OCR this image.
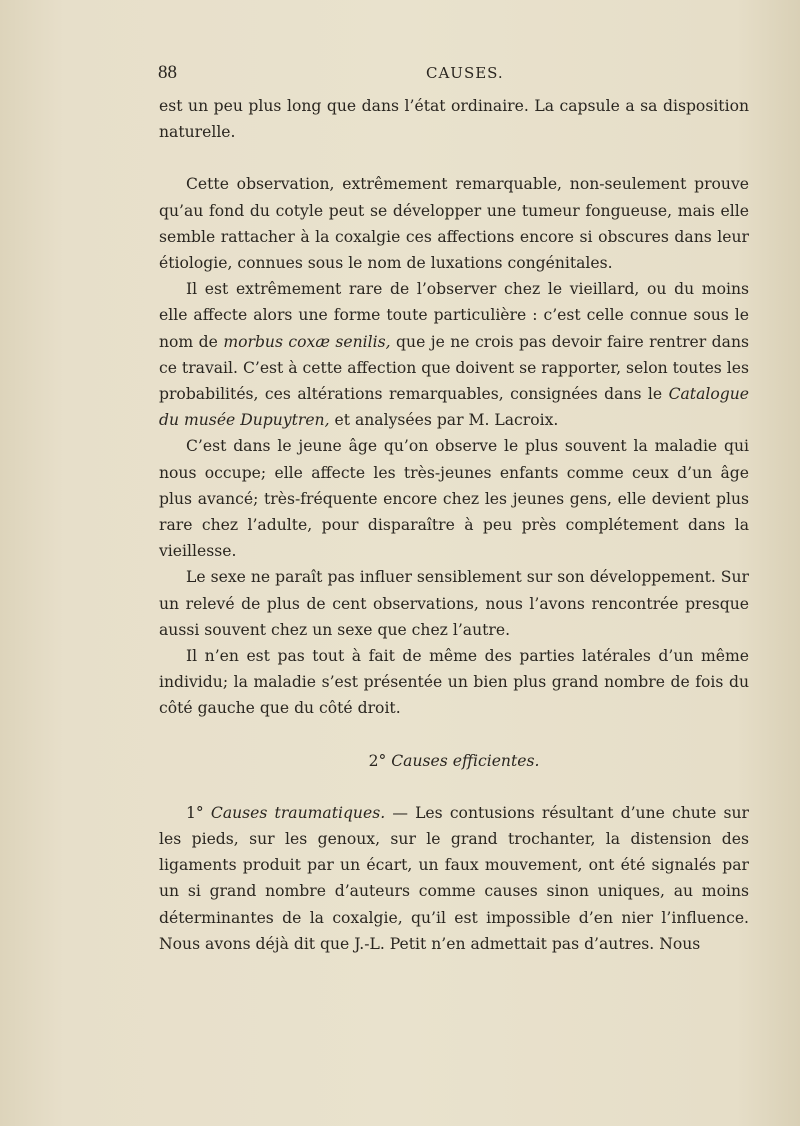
88	CAUSES.

est un peu plus long que dans l’état ordinaire. La capsule a sa disposition naturelle.

Cette observation, extrêmement remarquable, non-seulement prouve qu’au fond du cotyle peut se développer une tumeur fongueuse, mais elle semble rattacher à la coxalgie ces affections encore si obscures dans leur étiologie, connues sous le nom de luxations congénitales.

Il est extrêmement rare de l’observer chez le vieillard, ou du moins elle affecte alors une forme toute particulière : c’est celle connue sous le nom de morbus coxæ senilis, que je ne crois pas devoir faire rentrer dans ce travail. C’est à cette affection que doivent se rapporter, selon toutes les probabilités, ces altérations remarquables, consignées dans le Catalogue du musée Dupuytren, et analysées par M. Lacroix.

C’est dans le jeune âge qu’on observe le plus souvent la maladie qui nous occupe; elle affecte les très-jeunes enfants comme ceux d’un âge plus avancé; très-fréquente encore chez les jeunes gens, elle devient plus rare chez l’adulte, pour disparaître à peu près complétement dans la vieillesse.

Le sexe ne paraît pas influer sensiblement sur son développement. Sur un relevé de plus de cent observations, nous l’avons rencontrée presque aussi souvent chez un sexe que chez l’autre.

Il n’en est pas tout à fait de même des parties latérales d’un même individu; la maladie s’est présentée un bien plus grand nombre de fois du côté gauche que du côté droit.

2° Causes efficientes.

1° Causes traumatiques. — Les contusions résultant d’une chute sur les pieds, sur les genoux, sur le grand trochanter, la distension des ligaments produit par un écart, un faux mouvement, ont été signalés par un si grand nombre d’auteurs comme causes sinon uniques, au moins déterminantes de la coxalgie, qu’il est impossible d’en nier l’influence. Nous avons déjà dit que J.-L. Petit n’en admettait pas d’autres. Nous
